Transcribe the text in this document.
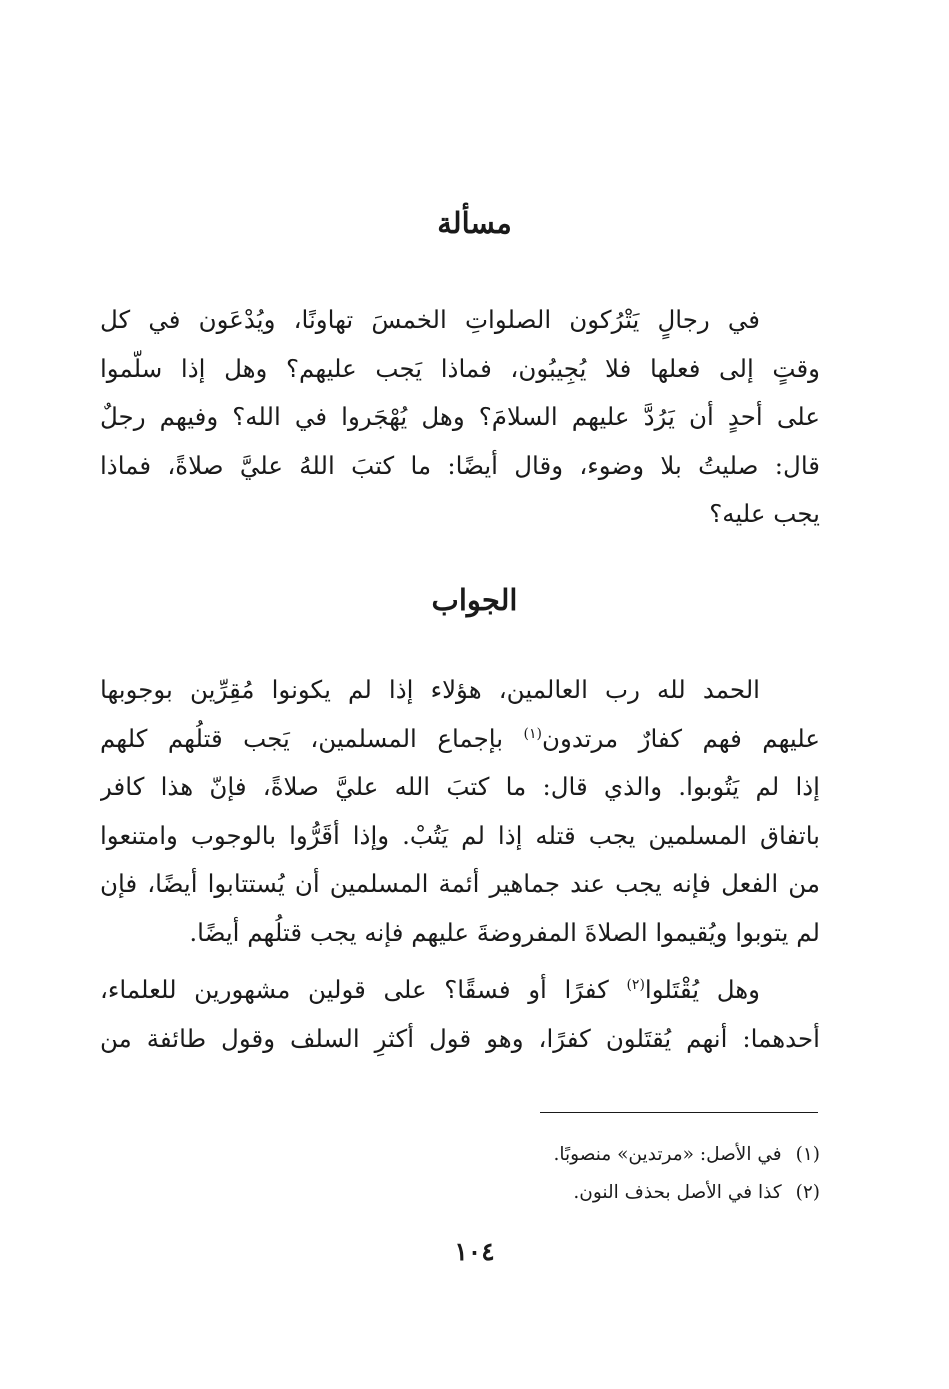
مسألة
في رجالٍ يَتْرُكون الصلواتِ الخمسَ تهاونًا، ويُدْعَون في كل
وقتٍ إلى فعلها فلا يُجِيبُون، فماذا يَجب عليهم؟ وهل إذا سلّموا
على أحدٍ أن يَرُدَّ عليهم السلامَ؟ وهل يُهْجَروا في الله؟ وفيهم رجلٌ
قال: صليتُ بلا وضوء، وقال أيضًا: ما كتبَ اللهُ عليَّ صلاةً، فماذا
يجب عليه؟
الجواب
الحمد لله رب العالمين، هؤلاء إذا لم يكونوا مُقِرِّين بوجوبها
عليهم فهم كفارٌ مرتدون$^{(١)}$ بإجماع المسلمين، يَجب قتلُهم كلهم
إذا لم يَتُوبوا. والذي قال: ما كتبَ الله عليَّ صلاةً، فإنّ هذا كافر
باتفاق المسلمين يجب قتله إذا لم يَتُبْ. وإذا أقَرُّوا بالوجوب وامتنعوا
من الفعل فإنه يجب عند جماهير أئمة المسلمين أن يُستتابوا أيضًا، فإن
لم يتوبوا ويُقيموا الصلاةَ المفروضةَ عليهم فإنه يجب قتلُهم أيضًا.
وهل يُقْتَلوا$^{(٢)}$ كفرًا أو فسقًا؟ على قولين مشهورين للعلماء،
أحدهما: أنهم يُقتَلون كفرًا، وهو قول أكثرِ السلف وقول طائفة من
(١)في الأصل: «مرتدين» منصوبًا.
(٢)كذا في الأصل بحذف النون.
١٠٤
